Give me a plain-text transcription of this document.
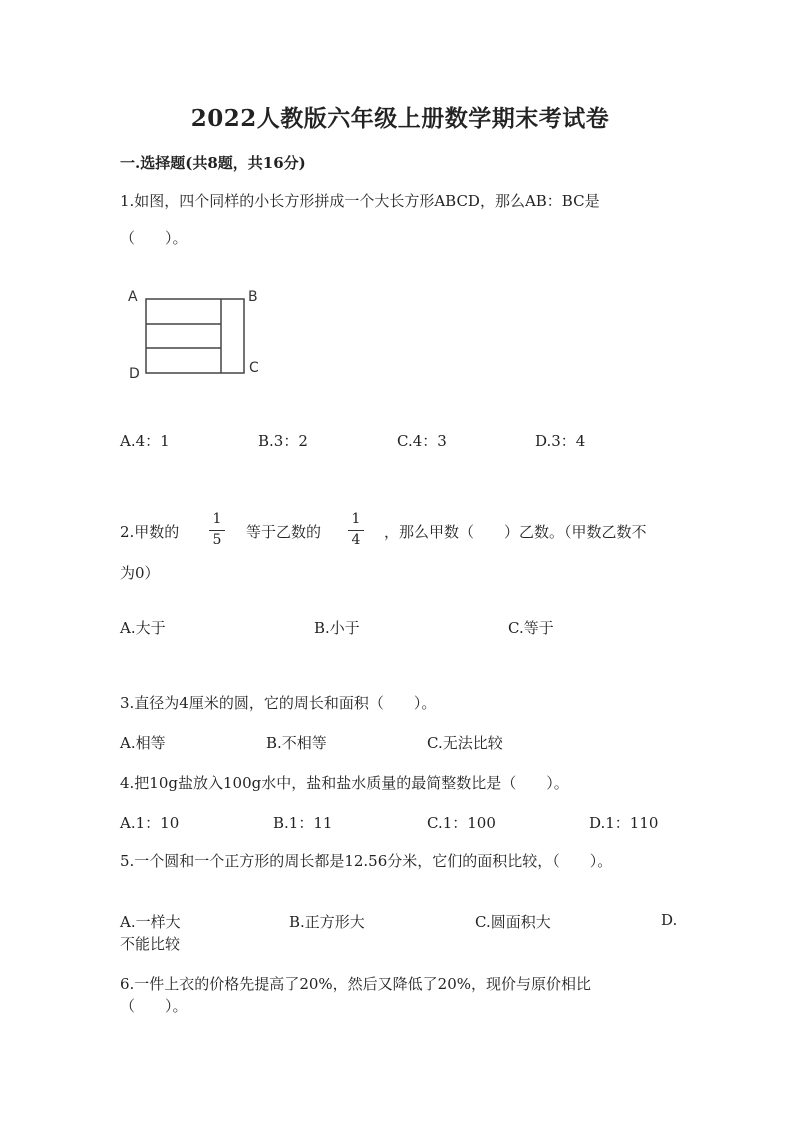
2022人教版六年级上册数学期末考试卷
一.选择题(共8题，共16分)
1.如图，四个同样的小长方形拼成一个大长方形ABCD，那么AB：BC是
（　　）。
A	B
C
D
A.4：1	B.3：2	C.4：3	D.3：4
2.甲数的
1
5 等于乙数的
1
4 ，那么甲数（　　）乙数。（甲数乙数不
为0）
A.大于	B.小于	C.等于
3.直径为4厘米的圆，它的周长和面积（　　）。
A.相等	B.不相等	C.无法比较
4.把10g盐放入100g水中，盐和盐水质量的最简整数比是（　　）。
A.1：10	B.1：11	C.1：100	D.1：110
5.一个圆和一个正方形的周长都是12.56分米，它们的面积比较，（　　）。
A.一样大	B.正方形大	C.圆面积大	D.
不能比较
6.一件上衣的价格先提高了20%，然后又降低了20%，现价与原价相比
（　　）。
